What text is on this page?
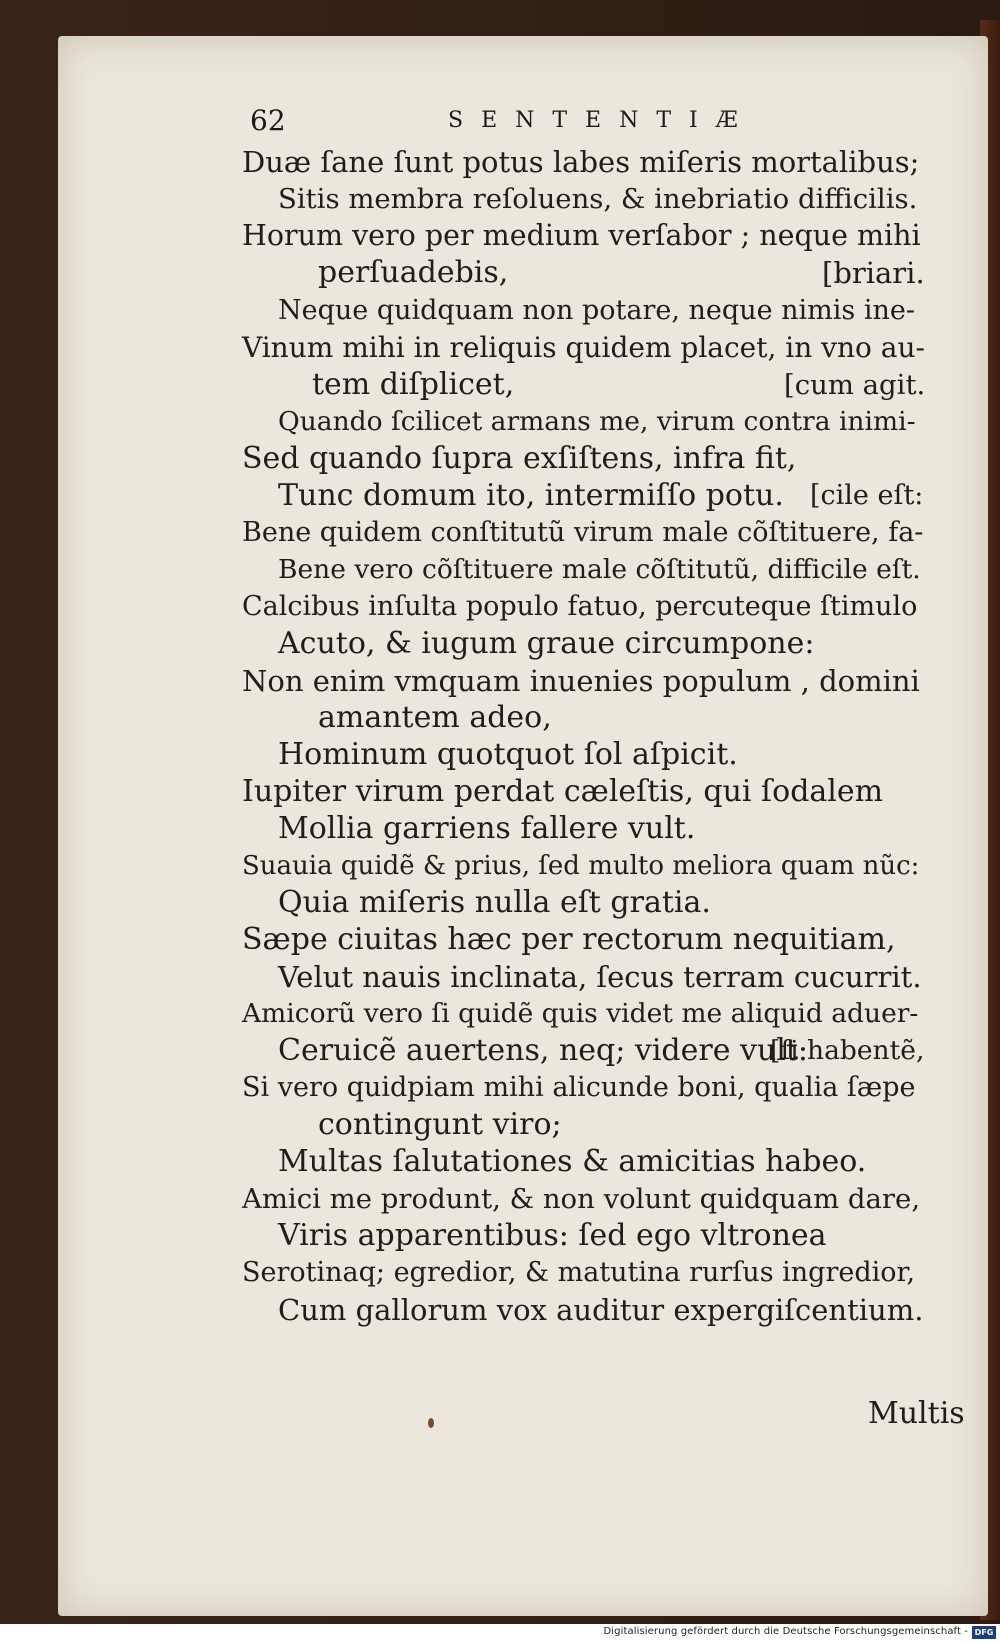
62	SENTENTIÆ
Duæ ſane ſunt potus labes miſeris mortalibus;
Sitis membra reſoluens, & inebriatio difficilis.
Horum vero per medium verſabor ; neque mihi
perſuadebis,	[briari.
Neque quidquam non potare, neque nimis ine-
Vinum mihi in reliquis quidem placet, in vno au-
tem diſplicet,	[cum agit.
Quando ſcilicet armans me, virum contra inimi-
Sed quando ſupra exſiſtens, infra fit,
Tunc domum ito, intermiſſo potu. [cile eſt:
Bene quidem conſtitutũ virum male cõſtituere, fa-
Bene vero cõſtituere male cõſtitutũ, difficile eſt.
Calcibus inſulta populo fatuo, percuteque ſtimulo
Acuto, & iugum graue circumpone:
Non enim vmquam inuenies populum , domini
amantem adeo,
Hominum quotquot ſol aſpicit.
Iupiter virum perdat cæleſtis, qui ſodalem
Mollia garriens fallere vult.
Suauia quidẽ & prius, ſed multo meliora quam nũc:
Quia miſeris nulla eſt gratia.
Sæpe ciuitas hæc per rectorum nequitiam,
Velut nauis inclinata, ſecus terram cucurrit.
Amicorũ vero ſi quidẽ quis videt me aliquid aduer-
Ceruicẽ auertens, neq; videre vult:
[ſi habentẽ,
Si vero quidpiam mihi alicunde boni, qualia ſæpe
contingunt viro;
Multas ſalutationes & amicitias habeo.
Amici me produnt, & non volunt quidquam dare,
Viris apparentibus: ſed ego vltronea
Serotinaq; egredior, & matutina rurſus ingredior,
Cum gallorum vox auditur expergiſcentium.
Multis
Digitalisierung gefördert durch die Deutsche Forschungsgemeinschaft - DFG
